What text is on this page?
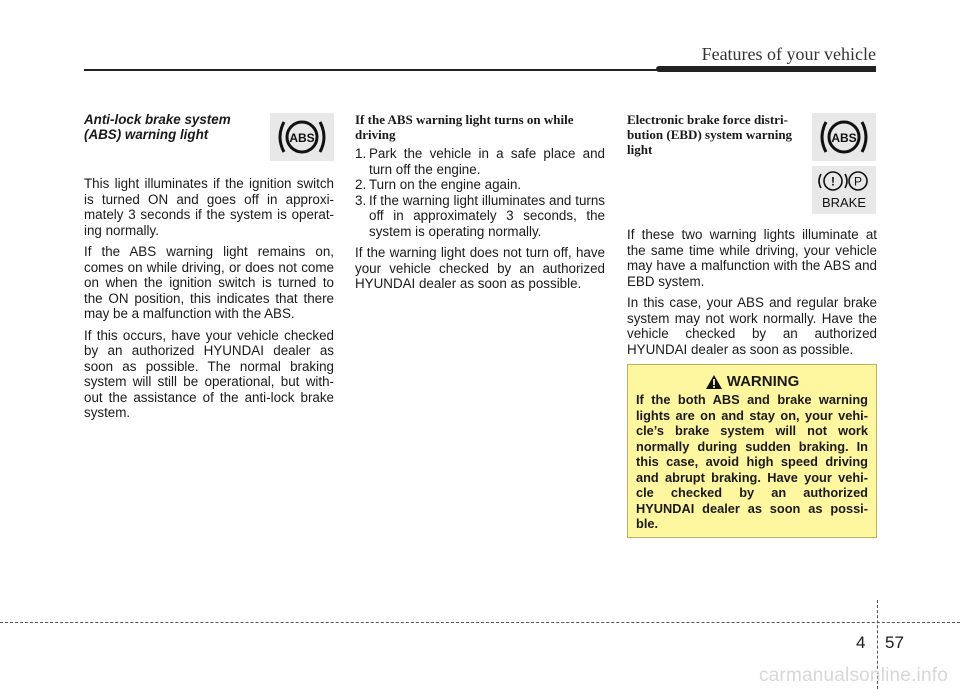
Features of your vehicle
Anti-lock brake system
(ABS) warning light

This light illuminates if the ignition switch is turned ON and goes off in approxi- mately 3 seconds if the system is operat- ing normally.

If the ABS warning light remains on, comes on while driving, or does not come on when the ignition switch is turned to the ON position, this indicates that there may be a malfunction with the ABS.

If this occurs, have your vehicle checked by an authorized HYUNDAI dealer as soon as possible. The normal braking system will still be operational, but with- out the assistance of the anti-lock brake system.

ABS
If the ABS warning light turns on while driving
1. Park the vehicle in a safe place and turn off the engine.
2. Turn on the engine again.
3. If the warning light illuminates and turns off in approximately 3 seconds, the system is operating normally.

If the warning light does not turn off, have your vehicle checked by an authorized HYUNDAI dealer as soon as possible.

Electronic brake force distri-
bution (EBD) system warning
light

If these two warning lights illuminate at the same time while driving, your vehicle may have a malfunction with the ABS and EBD system.

In this case, your ABS and regular brake system may not work normally. Have the vehicle checked by an authorized HYUNDAI dealer as soon as possible.

ABS
! P
BRAKE
WARNING
If the both ABS and brake warning lights are on and stay on, your vehi- cle’s brake system will not work normally during sudden braking. In this case, avoid high speed driving and abrupt braking. Have your vehi- cle checked by an authorized HYUNDAI dealer as soon as possi- ble.
4 57
carmanualsonline.info
